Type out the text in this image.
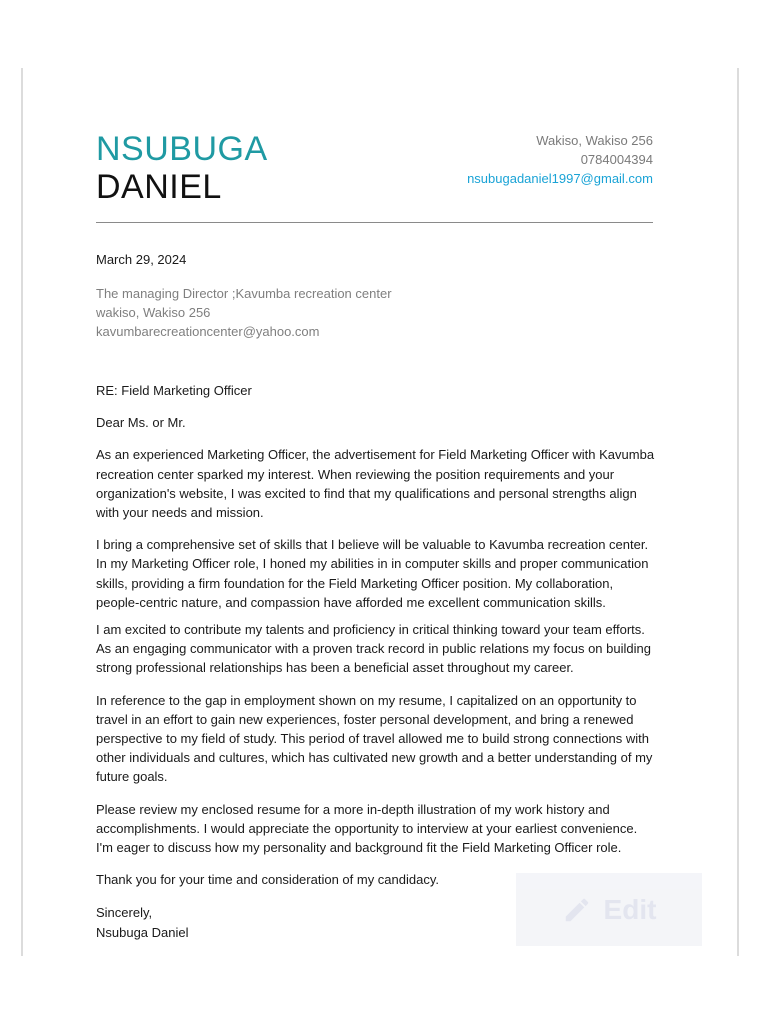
NSUBUGA
DANIEL
Wakiso, Wakiso 256
0784004394
nsubugadaniel1997@gmail.com
March 29, 2024
The managing Director ;Kavumba recreation center
wakiso, Wakiso 256
kavumbarecreationcenter@yahoo.com

RE: Field Marketing Officer

Dear Ms. or Mr.

As an experienced Marketing Officer, the advertisement for Field Marketing Officer with Kavumba recreation center sparked my interest. When reviewing the position requirements and your organization's website, I was excited to find that my qualifications and personal strengths align with your needs and mission.

I bring a comprehensive set of skills that I believe will be valuable to Kavumba recreation center. In my Marketing Officer role, I honed my abilities in in computer skills and proper communication skills, providing a firm foundation for the Field Marketing Officer position. My collaboration, people-centric nature, and compassion have afforded me excellent communication skills.

I am excited to contribute my talents and proficiency in critical thinking toward your team efforts. As an engaging communicator with a proven track record in public relations my focus on building strong professional relationships has been a beneficial asset throughout my career.

In reference to the gap in employment shown on my resume, I capitalized on an opportunity to travel in an effort to gain new experiences, foster personal development, and bring a renewed perspective to my field of study. This period of travel allowed me to build strong connections with other individuals and cultures, which has cultivated new growth and a better understanding of my future goals.

Please review my enclosed resume for a more in-depth illustration of my work history and accomplishments. I would appreciate the opportunity to interview at your earliest convenience. I'm eager to discuss how my personality and background fit the Field Marketing Officer role.

Thank you for your time and consideration of my candidacy.

Sincerely,
Nsubuga Daniel

Edit
